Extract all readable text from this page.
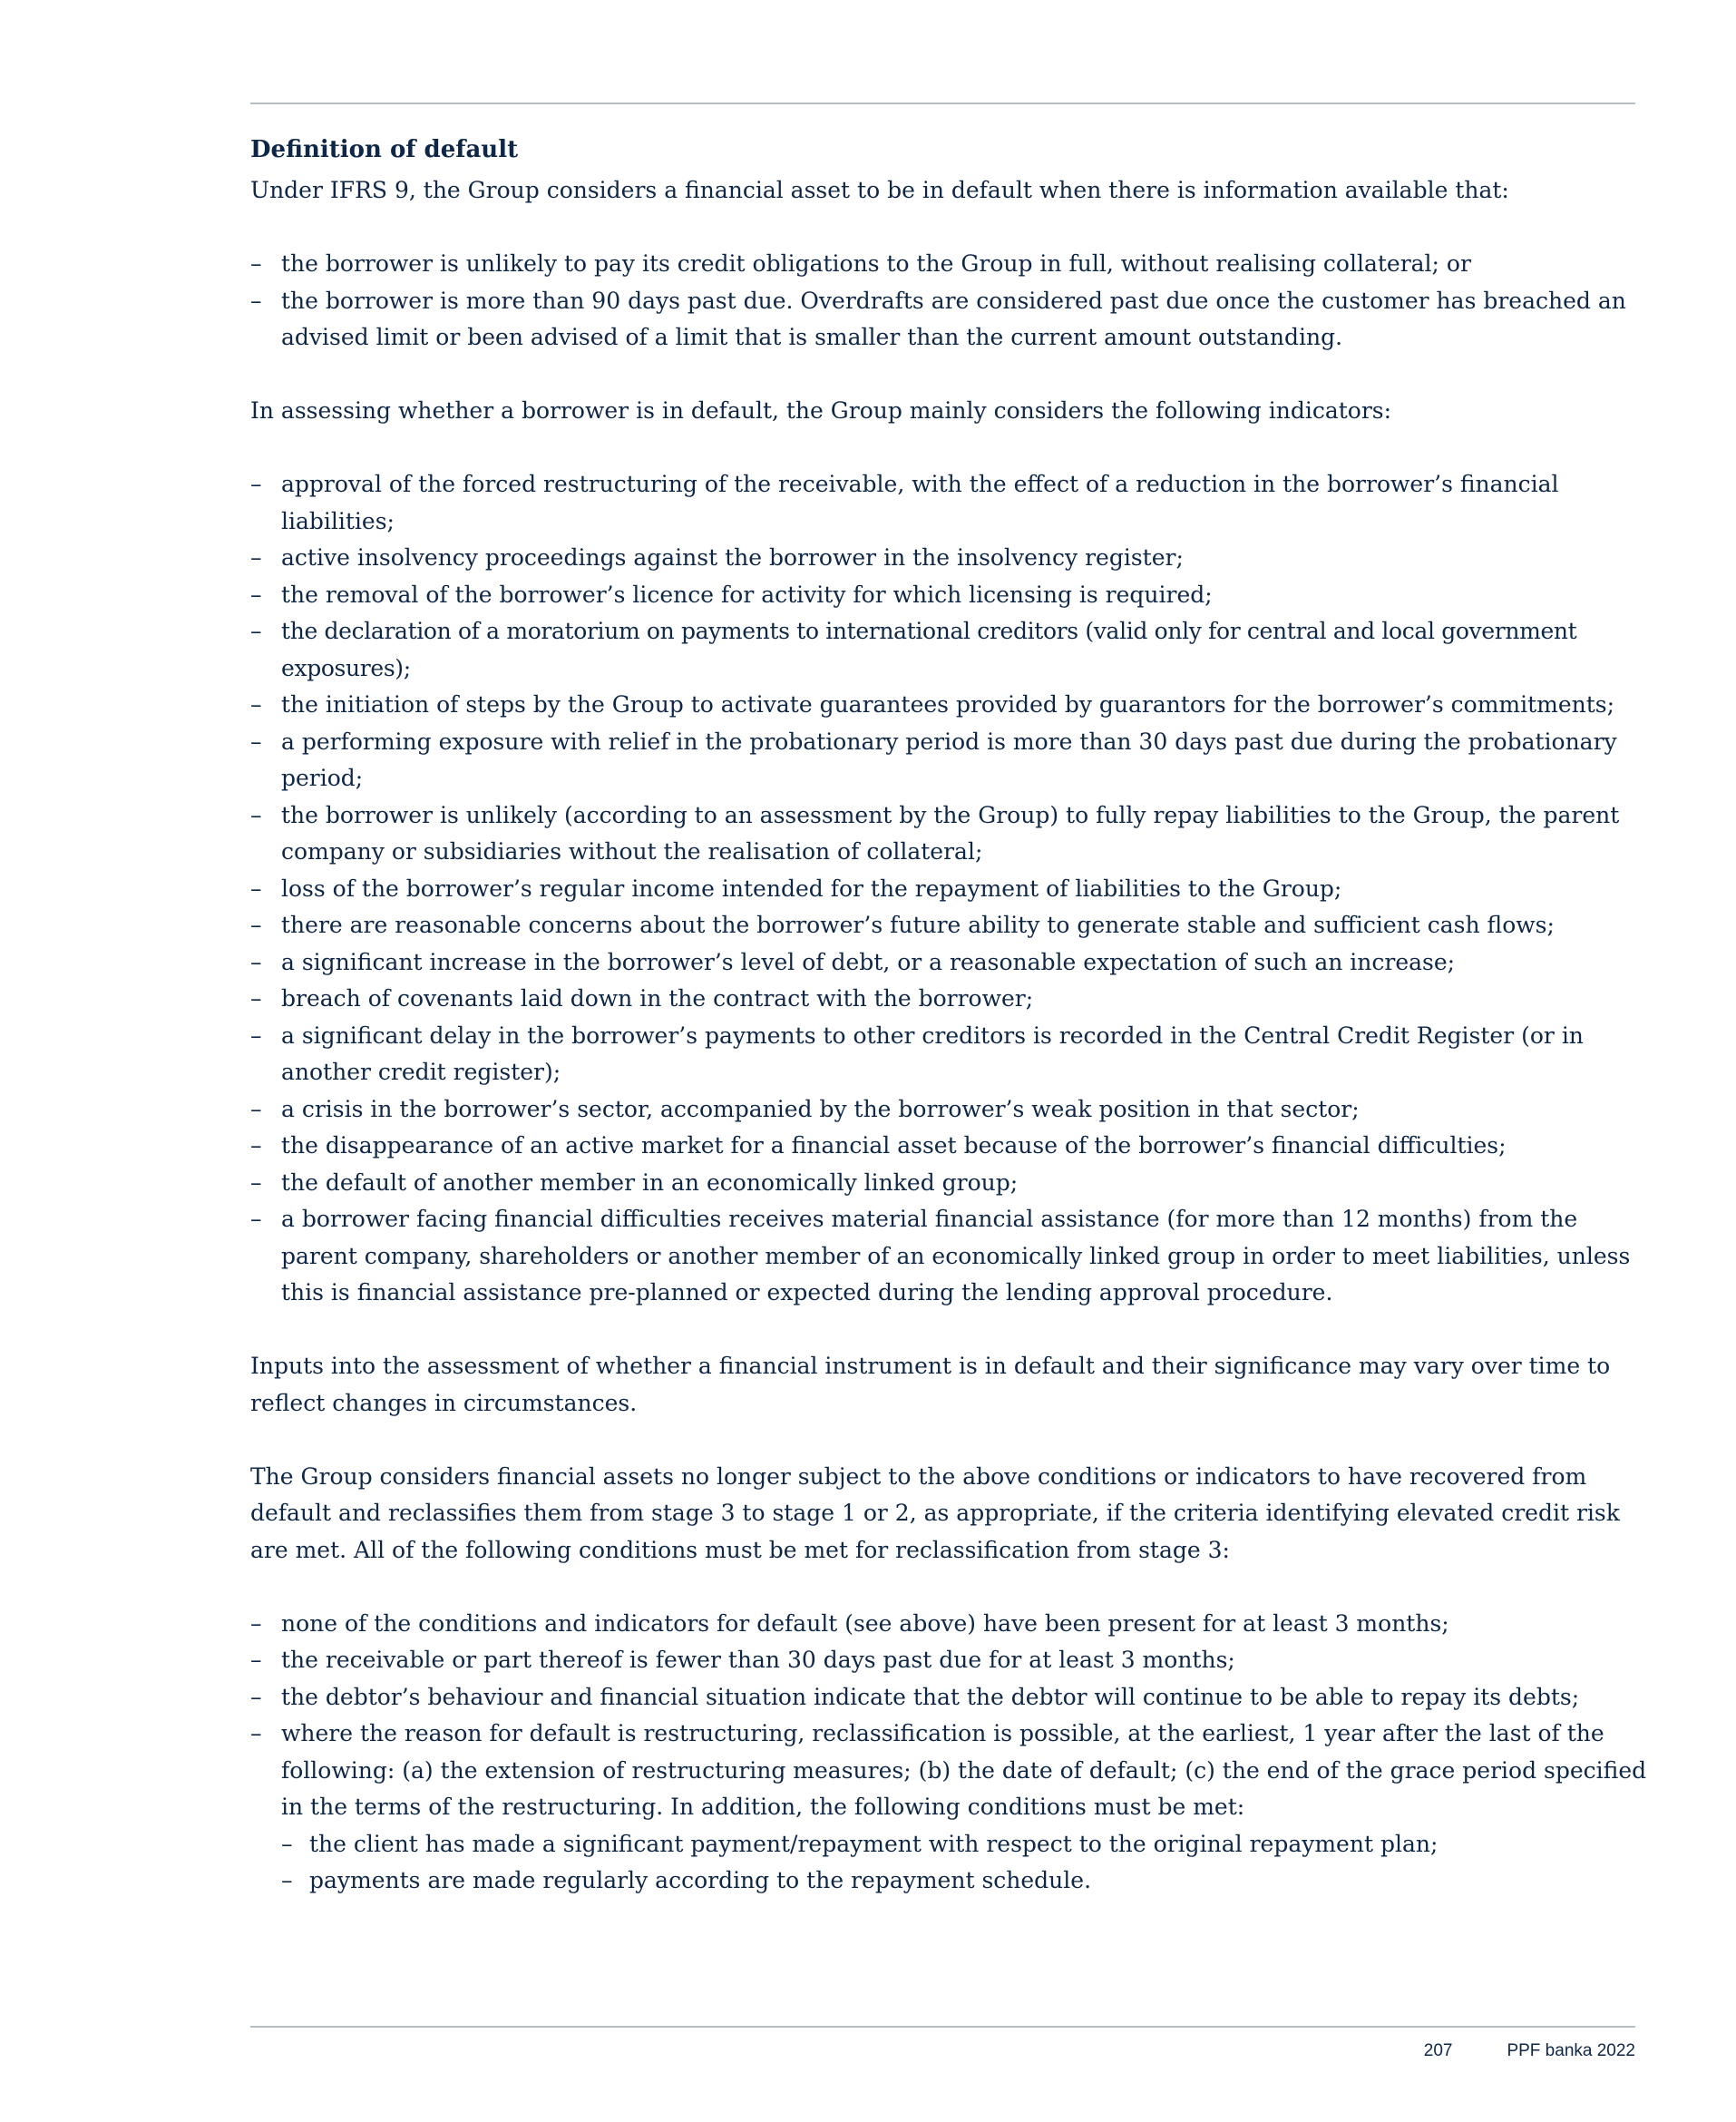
Definition of default

Under IFRS 9, the Group considers a financial asset to be in default when there is information available that:

– the borrower is unlikely to pay its credit obligations to the Group in full, without realising collateral; or
– the borrower is more than 90 days past due. Overdrafts are considered past due once the customer has breached an advised limit or been advised of a limit that is smaller than the current amount outstanding.

In assessing whether a borrower is in default, the Group mainly considers the following indicators:

– approval of the forced restructuring of the receivable, with the effect of a reduction in the borrower’s financial liabilities;
– active insolvency proceedings against the borrower in the insolvency register;
– the removal of the borrower’s licence for activity for which licensing is required;
– the declaration of a moratorium on payments to international creditors (valid only for central and local government exposures);
– the initiation of steps by the Group to activate guarantees provided by guarantors for the borrower’s commitments;
– a performing exposure with relief in the probationary period is more than 30 days past due during the probationary period;
– the borrower is unlikely (according to an assessment by the Group) to fully repay liabilities to the Group, the parent company or subsidiaries without the realisation of collateral;
– loss of the borrower’s regular income intended for the repayment of liabilities to the Group;
– there are reasonable concerns about the borrower’s future ability to generate stable and sufficient cash flows;
– a significant increase in the borrower’s level of debt, or a reasonable expectation of such an increase;
– breach of covenants laid down in the contract with the borrower;
– a significant delay in the borrower’s payments to other creditors is recorded in the Central Credit Register (or in another credit register);
– a crisis in the borrower’s sector, accompanied by the borrower’s weak position in that sector;
– the disappearance of an active market for a financial asset because of the borrower’s financial difficulties;
– the default of another member in an economically linked group;
– a borrower facing financial difficulties receives material financial assistance (for more than 12 months) from the parent company, shareholders or another member of an economically linked group in order to meet liabilities, unless this is financial assistance pre-planned or expected during the lending approval procedure.

Inputs into the assessment of whether a financial instrument is in default and their significance may vary over time to reflect changes in circumstances.

The Group considers financial assets no longer subject to the above conditions or indicators to have recovered from default and reclassifies them from stage 3 to stage 1 or 2, as appropriate, if the criteria identifying elevated credit risk are met. All of the following conditions must be met for reclassification from stage 3:

– none of the conditions and indicators for default (see above) have been present for at least 3 months;
– the receivable or part thereof is fewer than 30 days past due for at least 3 months;
– the debtor’s behaviour and financial situation indicate that the debtor will continue to be able to repay its debts;
– where the reason for default is restructuring, reclassification is possible, at the earliest, 1 year after the last of the following: (a) the extension of restructuring measures; (b) the date of default; (c) the end of the grace period specified in the terms of the restructuring. In addition, the following conditions must be met:
– the client has made a significant payment/repayment with respect to the original repayment plan;
– payments are made regularly according to the repayment schedule.
207	PPF banka 2022
